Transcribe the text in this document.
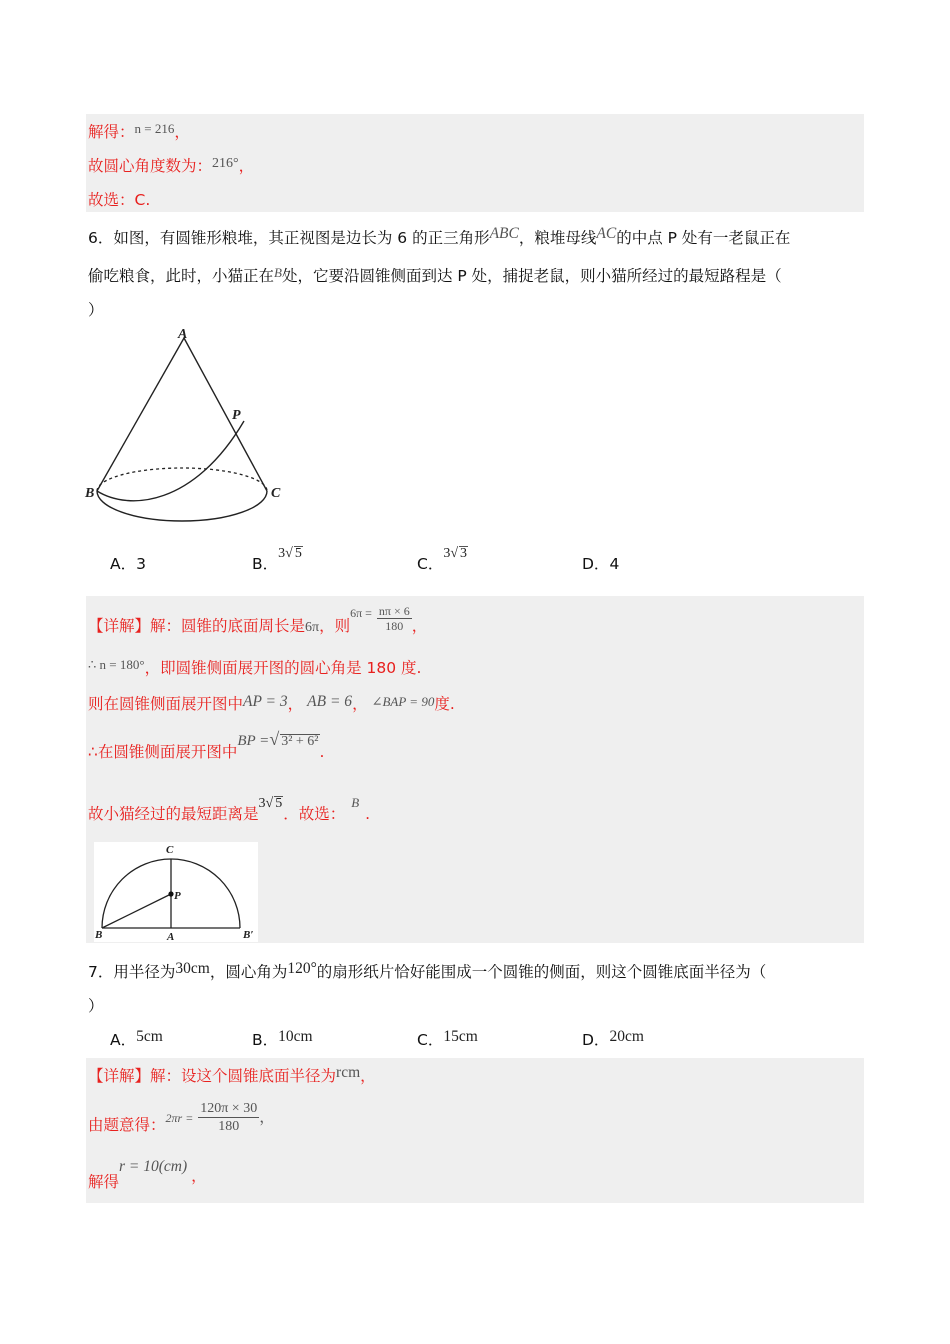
解得：$^{n = 216}$，
故圆心角度数为：216°，
故选：C.
6．如图，有圆锥形粮堆，其正视图是边长为 6 的正三角形ABC，粮堆母线AC的中点 P 处有一老鼠正在
偷吃粮食，此时，小猫正在$^B$处，它要沿圆锥侧面到达 P 处，捕捉老鼠，则小猫所经过的最短路程是（
）
A
P
B	C
A．3	B．3√ 5
C．3√ 3
D．4
【详解】解：圆锥的底面周长是6π，则$6\pi = \frac{n\pi \times 6}{180}$ ，
$^{\therefore n = 180^\circ}$，即圆锥侧面展开图的圆心角是 180 度.
则在圆锥侧面展开图中AP = 3， AB = 6， ∠BAP = 90度.
∴在圆锥侧面展开图中BP =√ 3² + 6².
故小猫经过的最短距离是3√ 5．故选：B.
C
P
B	A	B′
7．用半径为30cm，圆心角为120°的扇形纸片恰好能围成一个圆锥的侧面，则这个圆锥底面半径为（
）
A．5cm	B．10cm	C．15cm	D．20cm
【详解】解：设这个圆锥底面半径为rcm，
由题意得：$2\pi r = \frac{120\pi \times 30}{180}$ ，
解得r = 10(cm)，
